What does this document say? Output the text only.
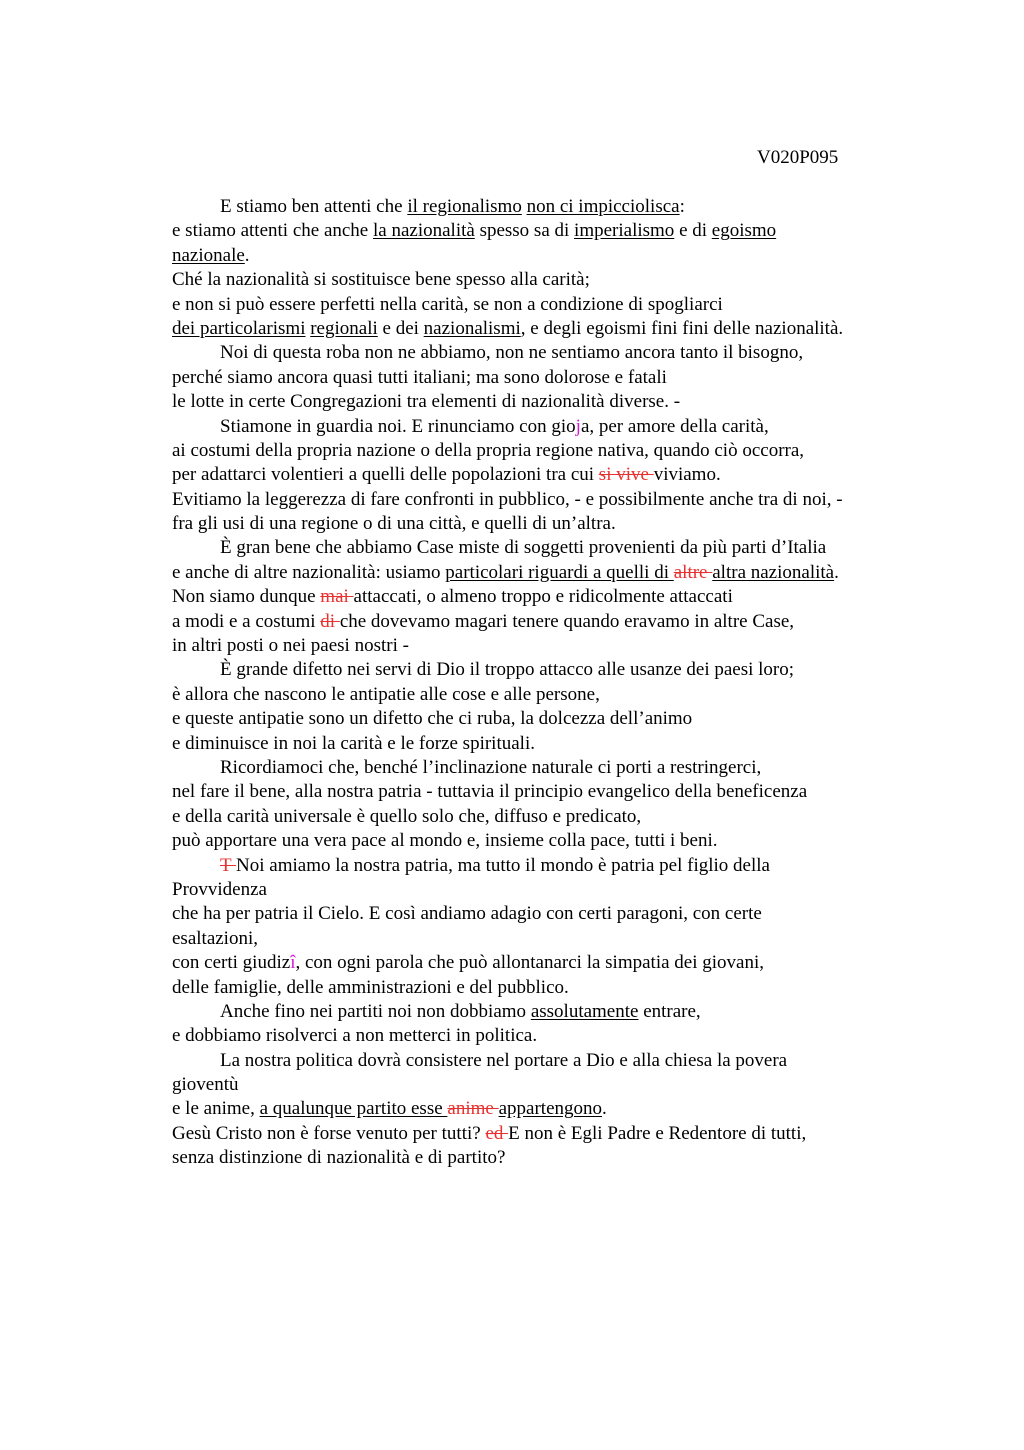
V020P095
E stiamo ben attenti che il regionalismo non ci impicciolisca:
e stiamo attenti che anche la nazionalità spesso sa di imperialismo e di egoismo
nazionale.
Ché la nazionalità si sostituisce bene spesso alla carità;
e non si può essere perfetti nella carità, se non a condizione di spogliarci
dei particolarismi regionali e dei nazionalismi, e degli egoismi fini fini delle nazionalità.
Noi di questa roba non ne abbiamo, non ne sentiamo ancora tanto il bisogno,
perché siamo ancora quasi tutti italiani; ma sono dolorose e fatali
le lotte in certe Congregazioni tra elementi di nazionalità diverse. -
Stiamone in guardia noi. E rinunciamo con gioja, per amore della carità,
ai costumi della propria nazione o della propria regione nativa, quando ciò occorra,
per adattarci volentieri a quelli delle popolazioni tra cui si vive viviamo.
Evitiamo la leggerezza di fare confronti in pubblico, - e possibilmente anche tra di noi, -
fra gli usi di una regione o di una città, e quelli di un’altra.
È gran bene che abbiamo Case miste di soggetti provenienti da più parti d’Italia
e anche di altre nazionalità: usiamo particolari riguardi a quelli di altre altra nazionalità.
Non siamo dunque mai attaccati, o almeno troppo e ridicolmente attaccati
a modi e a costumi di che dovevamo magari tenere quando eravamo in altre Case,
in altri posti o nei paesi nostri -
È grande difetto nei servi di Dio il troppo attacco alle usanze dei paesi loro;
è allora che nascono le antipatie alle cose e alle persone,
e queste antipatie sono un difetto che ci ruba, la dolcezza dell’animo
e diminuisce in noi la carità e le forze spirituali.
Ricordiamoci che, benché l’inclinazione naturale ci porti a restringerci,
nel fare il bene, alla nostra patria - tuttavia il principio evangelico della beneficenza
e della carità universale è quello solo che, diffuso e predicato,
può apportare una vera pace al mondo e, insieme colla pace, tutti i beni.
T Noi amiamo la nostra patria, ma tutto il mondo è patria pel figlio della
Provvidenza
che ha per patria il Cielo. E così andiamo adagio con certi paragoni, con certe
esaltazioni,
con certi giudizî, con ogni parola che può allontanarci la simpatia dei giovani,
delle famiglie, delle amministrazioni e del pubblico.
Anche fino nei partiti noi non dobbiamo assolutamente entrare,
e dobbiamo risolverci a non metterci in politica.
La nostra politica dovrà consistere nel portare a Dio e alla chiesa la povera
gioventù
e le anime, a qualunque partito esse anime appartengono.
Gesù Cristo non è forse venuto per tutti? ed E non è Egli Padre e Redentore di tutti,
senza distinzione di nazionalità e di partito?
